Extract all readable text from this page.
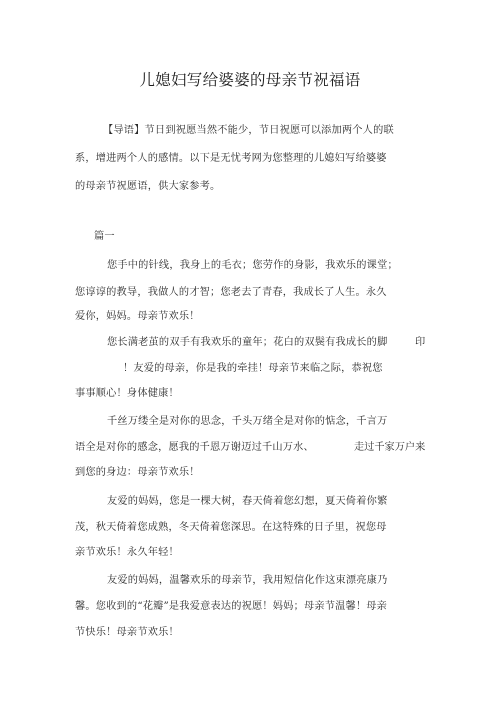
儿媳妇写给婆婆的母亲节祝福语
【导语】节日到祝愿当然不能少，节日祝愿可以添加两个人的联
系，增进两个人的感情。以下是无忧考网为您整理的儿媳妇写给婆婆
的母亲节祝愿语，供大家参考。
篇一
您手中的针线，我身上的毛衣；您劳作的身影，我欢乐的课堂；
您谆谆的教导，我做人的才智；您老去了青春，我成长了人生。永久
爱你，妈妈。母亲节欢乐！
您长满老茧的双手有我欢乐的童年；花白的双鬓有我成长的脚	印
！友爱的母亲，你是我的牵挂！母亲节来临之际，恭祝您
事事顺心！身体健康！
千丝万缕全是对你的思念，千头万绪全是对你的惦念，千言万
语全是对你的感念，愿我的千恩万谢迈过千山万水、	走过千家万户来
到您的身边：母亲节欢乐！
友爱的妈妈，您是一棵大树，春天倚着您幻想，夏天倚着你繁
茂，秋天倚着您成熟，冬天倚着您深思。在这特殊的日子里，祝您母
亲节欢乐！永久年轻！
友爱的妈妈，温馨欢乐的母亲节，我用短信化作这束漂亮康乃
馨。您收到的“花瓣”是我爱意表达的祝愿！妈妈；母亲节温馨！母亲
节快乐！母亲节欢乐！
